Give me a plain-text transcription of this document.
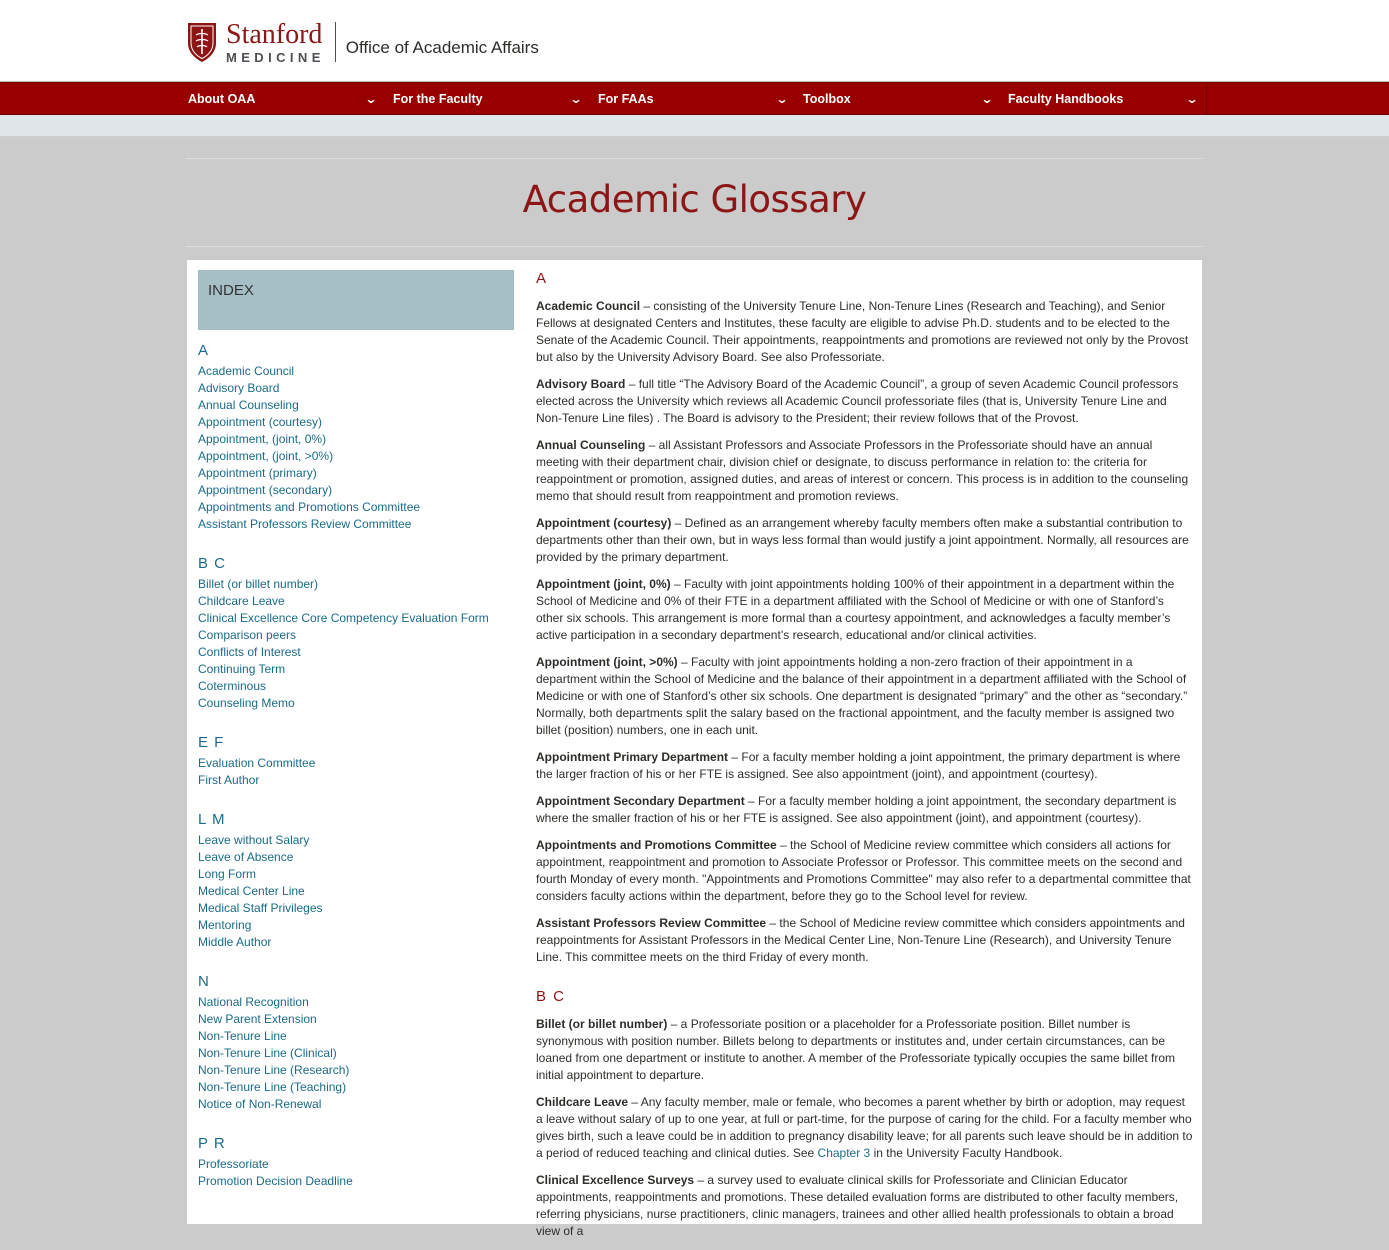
Stanford
MEDICINE Office of Academic Affairs
About OAA	⌄ For the Faculty	⌄ For FAAs	⌄ Toolbox	⌄ Faculty Handbooks	⌄
Academic Glossary
INDEX
A
Academic Council
Advisory Board
Annual Counseling
Appointment (courtesy)
Appointment, (joint, 0%)
Appointment, (joint, >0%)
Appointment (primary)
Appointment (secondary)
Appointments and Promotions Committee
Assistant Professors Review Committee
B C
Billet (or billet number)
Childcare Leave
Clinical Excellence Core Competency Evaluation Form
Comparison peers
Conflicts of Interest
Continuing Term
Coterminous
Counseling Memo
E F
Evaluation Committee
First Author
L M
Leave without Salary
Leave of Absence
Long Form
Medical Center Line
Medical Staff Privileges
Mentoring
Middle Author
N
National Recognition
New Parent Extension
Non-Tenure Line
Non-Tenure Line (Clinical)
Non-Tenure Line (Research)
Non-Tenure Line (Teaching)
Notice of Non-Renewal
P R
Professoriate
Promotion Decision Deadline
A

Academic Council – consisting of the University Tenure Line, Non-Tenure Lines (Research and Teaching), and Senior Fellows at designated Centers and Institutes, these faculty are eligible to advise Ph.D. students and to be elected to the Senate of the Academic Council. Their appointments, reappointments and promotions are reviewed not only by the Provost but also by the University Advisory Board. See also Professoriate.

Advisory Board – full title “The Advisory Board of the Academic Council”, a group of seven Academic Council professors elected across the University which reviews all Academic Council professoriate files (that is, University Tenure Line and Non-Tenure Line files) . The Board is advisory to the President; their review follows that of the Provost.

Annual Counseling – all Assistant Professors and Associate Professors in the Professoriate should have an annual meeting with their department chair, division chief or designate, to discuss performance in relation to: the criteria for reappointment or promotion, assigned duties, and areas of interest or concern. This process is in addition to the counseling memo that should result from reappointment and promotion reviews.

Appointment (courtesy) – Defined as an arrangement whereby faculty members often make a substantial contribution to departments other than their own, but in ways less formal than would justify a joint appointment. Normally, all resources are provided by the primary department.

Appointment (joint, 0%) – Faculty with joint appointments holding 100% of their appointment in a department within the School of Medicine and 0% of their FTE in a department affiliated with the School of Medicine or with one of Stanford’s other six schools. This arrangement is more formal than a courtesy appointment, and acknowledges a faculty member’s active participation in a secondary department’s research, educational and/or clinical activities.

Appointment (joint, >0%) – Faculty with joint appointments holding a non-zero fraction of their appointment in a department within the School of Medicine and the balance of their appointment in a department affiliated with the School of Medicine or with one of Stanford’s other six schools. One department is designated “primary” and the other as “secondary.” Normally, both departments split the salary based on the fractional appointment, and the faculty member is assigned two billet (position) numbers, one in each unit.

Appointment Primary Department – For a faculty member holding a joint appointment, the primary department is where the larger fraction of his or her FTE is assigned. See also appointment (joint), and appointment (courtesy).

Appointment Secondary Department – For a faculty member holding a joint appointment, the secondary department is where the smaller fraction of his or her FTE is assigned. See also appointment (joint), and appointment (courtesy).

Appointments and Promotions Committee – the School of Medicine review committee which considers all actions for appointment, reappointment and promotion to Associate Professor or Professor. This committee meets on the second and fourth Monday of every month. "Appointments and Promotions Committee" may also refer to a departmental committee that considers faculty actions within the department, before they go to the School level for review.

Assistant Professors Review Committee – the School of Medicine review committee which considers appointments and reappointments for Assistant Professors in the Medical Center Line, Non-Tenure Line (Research), and University Tenure Line. This committee meets on the third Friday of every month.

B C

Billet (or billet number) – a Professoriate position or a placeholder for a Professoriate position. Billet number is synonymous with position number. Billets belong to departments or institutes and, under certain circumstances, can be loaned from one department or institute to another. A member of the Professoriate typically occupies the same billet from initial appointment to departure.

Childcare Leave – Any faculty member, male or female, who becomes a parent whether by birth or adoption, may request a leave without salary of up to one year, at full or part-time, for the purpose of caring for the child. For a faculty member who gives birth, such a leave could be in addition to pregnancy disability leave; for all parents such leave should be in addition to a period of reduced teaching and clinical duties. See Chapter 3 in the University Faculty Handbook.

Clinical Excellence Surveys – a survey used to evaluate clinical skills for Professoriate and Clinician Educator appointments, reappointments and promotions. These detailed evaluation forms are distributed to other faculty members, referring physicians, nurse practitioners, clinic managers, trainees and other allied health professionals to obtain a broad view of a
